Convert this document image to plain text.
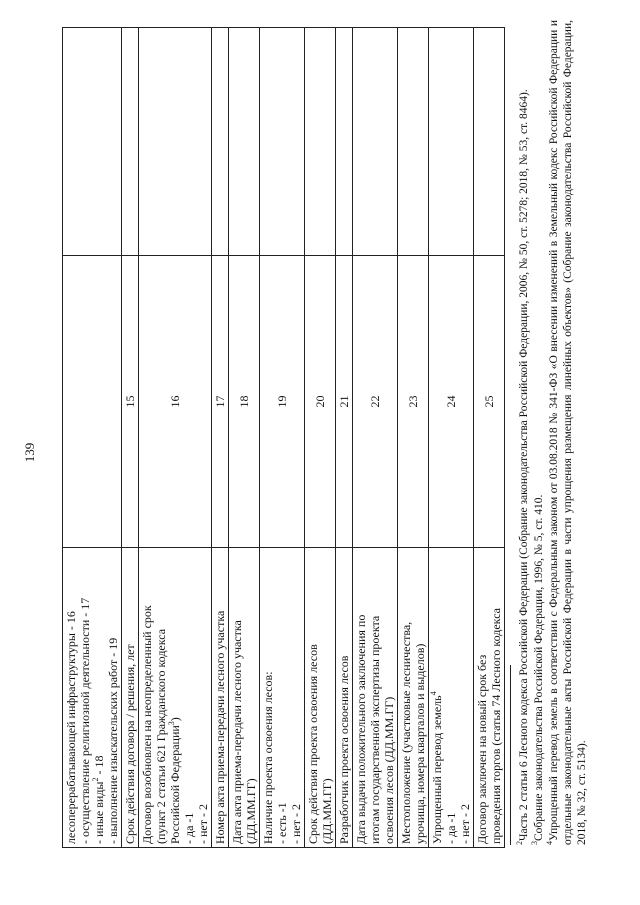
139
лесоперерабатывающей инфраструктуры - 16 - осуществление религиозной деятельности - 17 - иные виды$^2$ - 18 - выполнение изыскательских работ - 19		

Срок действия договора / решения, лет	15	

Договор возобновлен на неопределенный срок (пункт 2 статьи 621 Гражданского кодекса Российской Федерации$^3$)
- да -1 - нет - 2	16	

Номер акта приема-передачи лесного участка	17	

Дата акта приема-передачи лесного участка (ДД.ММ.ГГ)	18	

Наличие проекта освоения лесов: - есть -1 - нет - 2	19	

Срок действия проекта освоения лесов (ДД.ММ.ГГ)	20	

Разработчик проекта освоения лесов	21	

Дата выдачи положительного заключения по итогам государственной экспертизы проекта освоения лесов (ДД.ММ.ГГ)	22	

Местоположение (участковые лесничества, урочища, номера кварталов и выделов)	23	

Упрощенный перевод земель$^4$
- да -1 - нет - 2	24	

Договор заключен на новый срок без проведения торгов (статья 74 Лесного кодекса	25	

$^2$Часть 2 статьи 6 Лесного кодекса Российской Федерации (Собрание законодательства Российской Федерации, 2006, № 50, ст. 5278; 2018, № 53, ст. 8464).

$^3$Собрание законодательства Российской Федерации, 1996, № 5, ст. 410.

$^4$Упрощенный перевод земель в соответствии с Федеральным законом от 03.08.2018 № 341-ФЗ «О внесении изменений в Земельный кодекс Российской Федерации и отдельные законодательные акты Российской Федерации в части упрощения размещения линейных объектов» (Собрание законодательства Российской Федерации, 2018, № 32, ст. 5134).
